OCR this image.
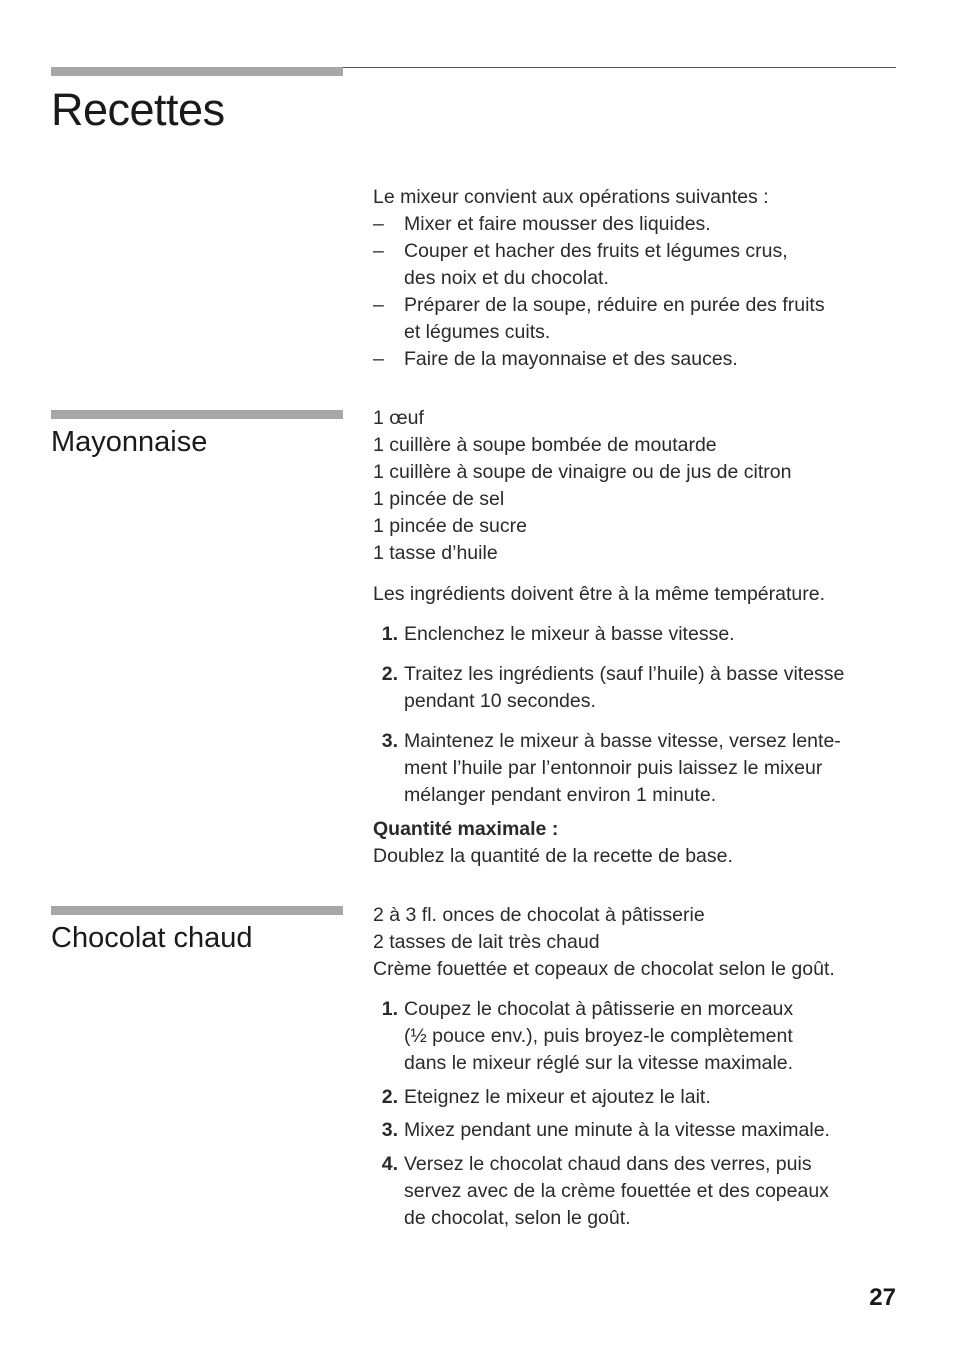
Recettes
Le mixeur convient aux opérations suivantes :
–	Mixer et faire mousser des liquides.
–	Couper et hacher des fruits et légumes crus,
des noix et du chocolat.
–	Préparer de la soupe, réduire en purée des fruits
et légumes cuits.
–	Faire de la mayonnaise et des sauces.
Mayonnaise
1 œuf
1 cuillère à soupe bombée de moutarde
1 cuillère à soupe de vinaigre ou de jus de citron
1 pincée de sel
1 pincée de sucre
1 tasse d’huile
Les ingrédients doivent être à la même température.
1. Enclenchez le mixeur à basse vitesse.
2. Traitez les ingrédients (sauf l’huile) à basse vitesse
pendant 10 secondes.
3. Maintenez le mixeur à basse vitesse, versez lente-
ment l’huile par l’entonnoir puis laissez le mixeur
mélanger pendant environ 1 minute.
Quantité maximale :
Doublez la quantité de la recette de base.
Chocolat chaud
2 à 3 fl. onces de chocolat à pâtisserie
2 tasses de lait très chaud
Crème fouettée et copeaux de chocolat selon le goût.
1. Coupez le chocolat à pâtisserie en morceaux
(½ pouce env.), puis broyez-le complètement
dans le mixeur réglé sur la vitesse maximale.
2. Eteignez le mixeur et ajoutez le lait.
3. Mixez pendant une minute à la vitesse maximale.
4. Versez le chocolat chaud dans des verres, puis
servez avec de la crème fouettée et des copeaux
de chocolat, selon le goût.
27
